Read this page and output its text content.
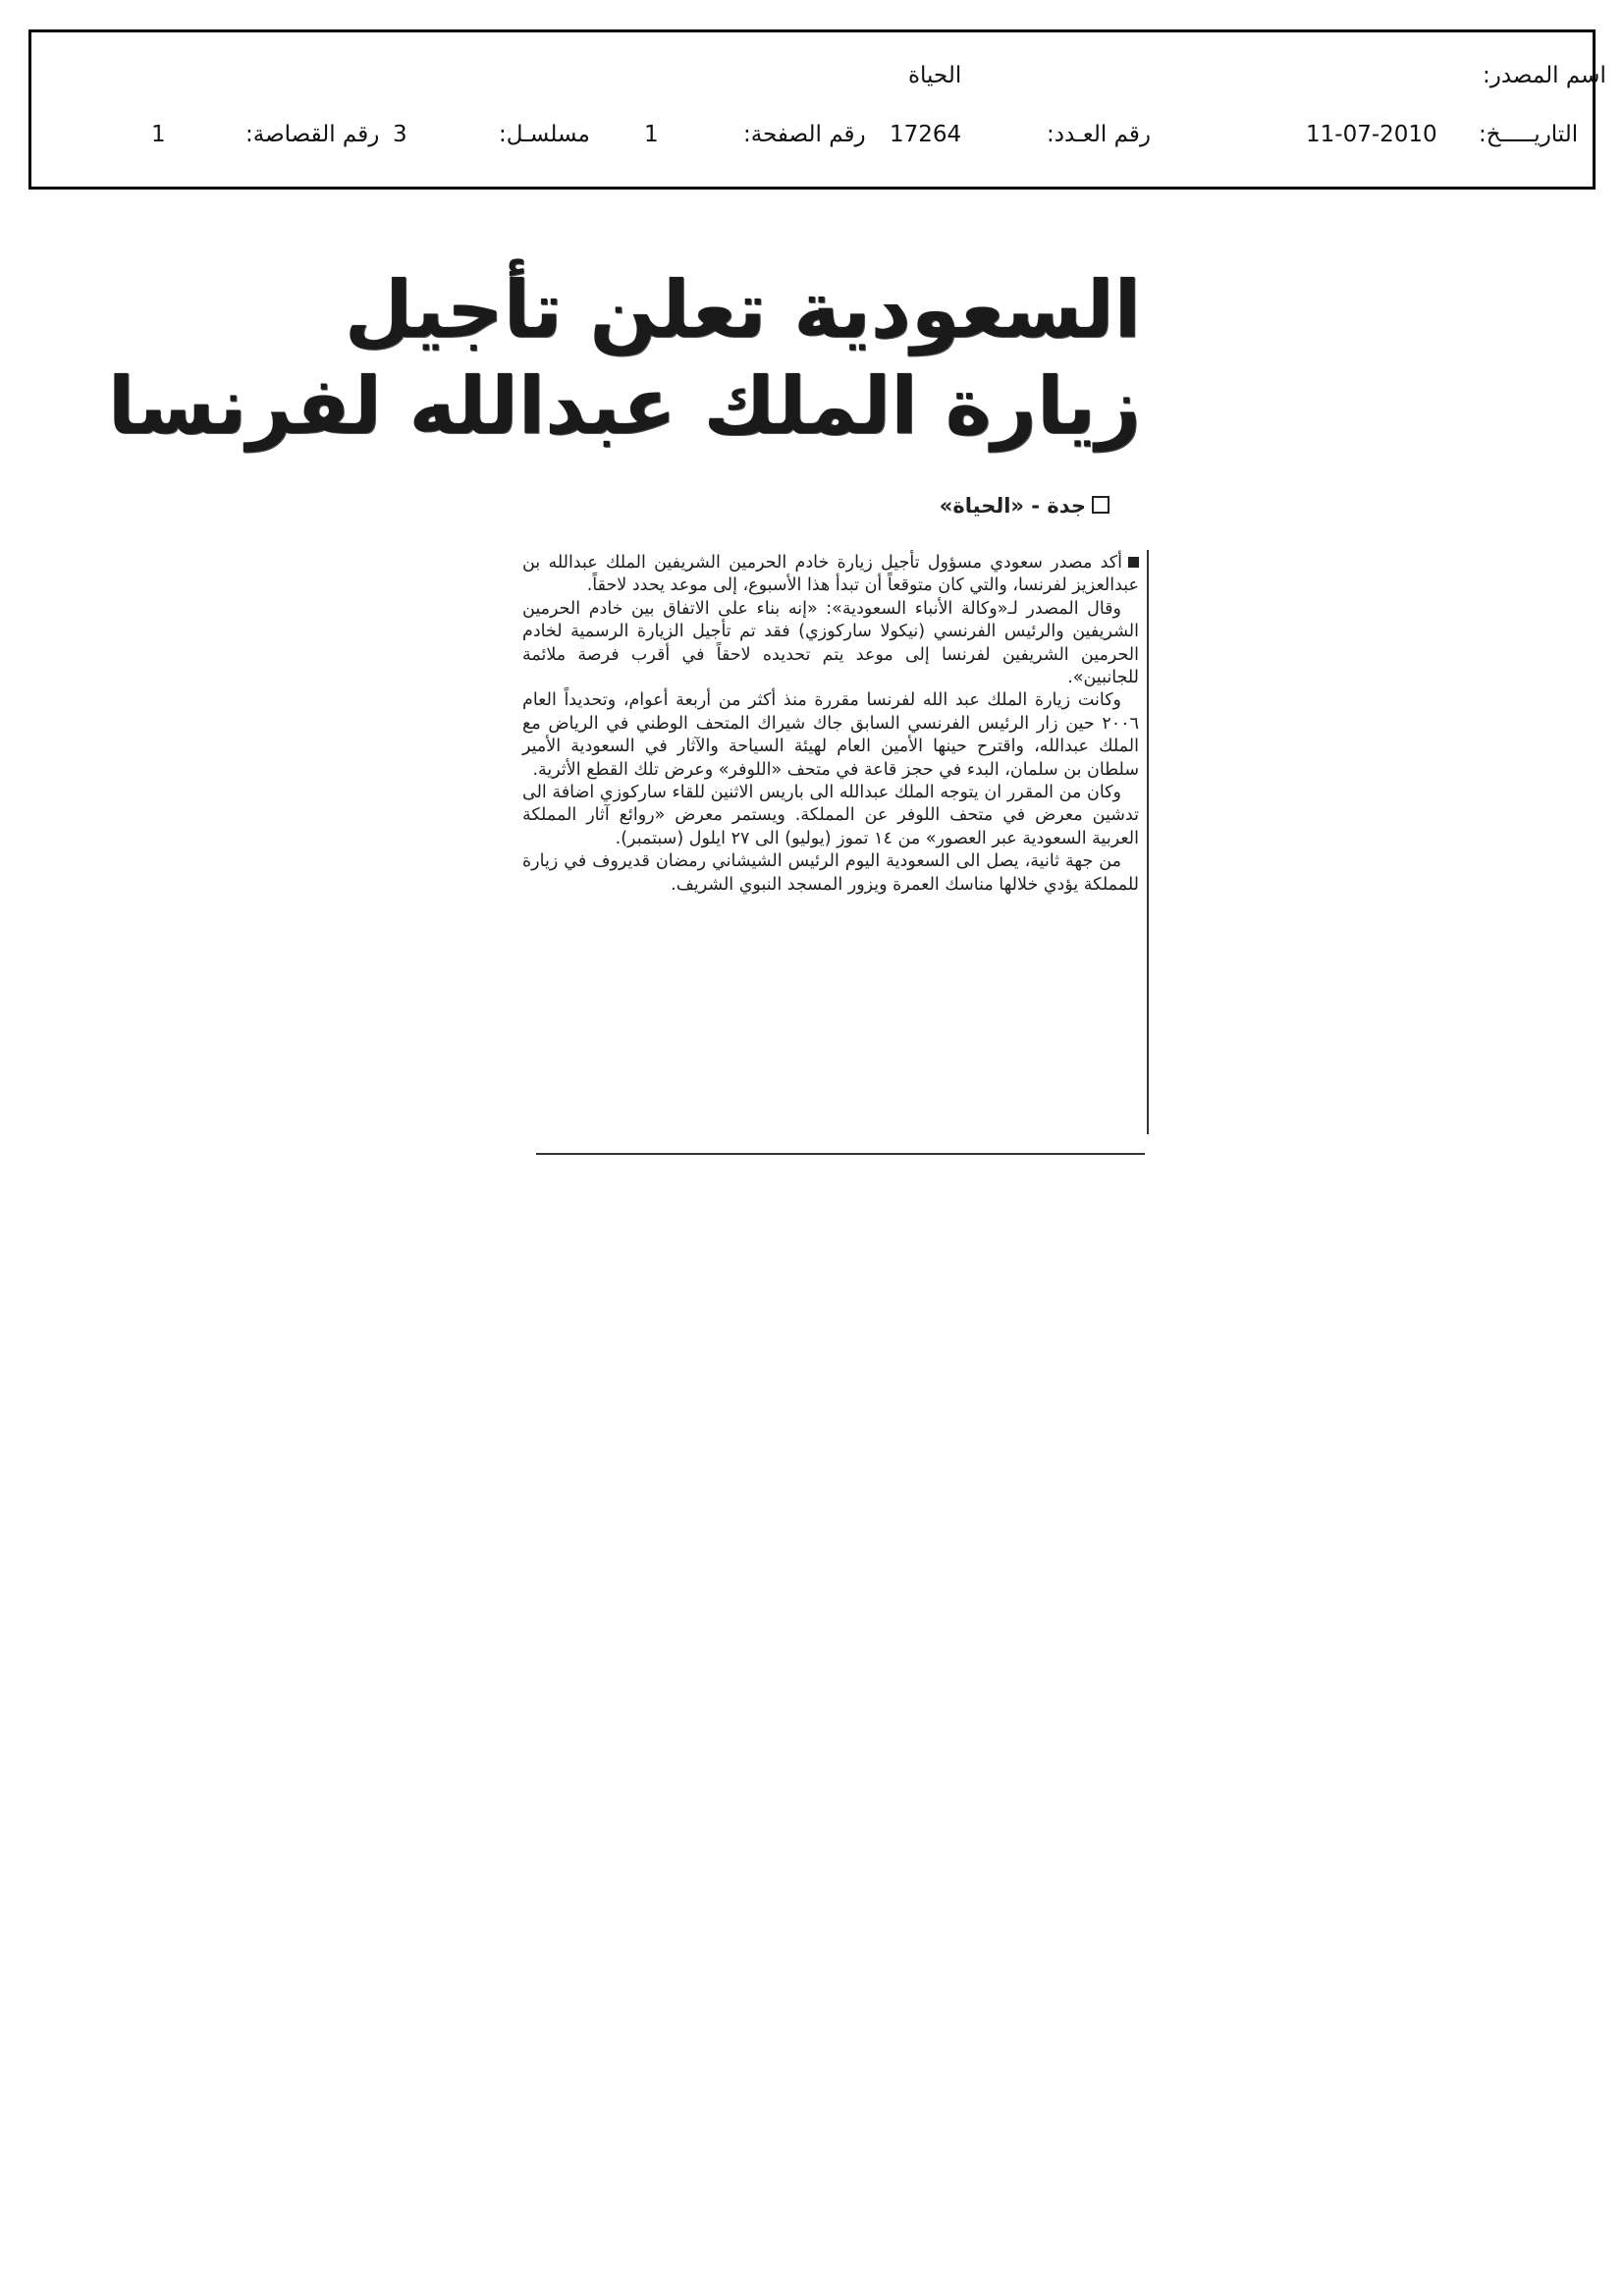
اسم المصدر:
الحياة
التاريـــــخ:
11-07-2010
رقم العـدد:
17264
رقم الصفحة:
1
مسلسـل:
3
رقم القصاصة:
1
السعودية تعلن تأجيل
زيارة الملك عبدالله لفرنسا
جدة - «الحياة»

أكد مصدر سعودي مسؤول تأجيل زيارة خادم الحرمين الشريفين الملك عبدالله بن عبدالعزيز لفرنسا، والتي كان متوقعاً أن تبدأ هذا الأسبوع، إلى موعد يحدد لاحقاً.

وقال المصدر لـ«وكالة الأنباء السعودية»: «إنه بناء على الاتفاق بين خادم الحرمين الشريفين والرئيس الفرنسي (نيكولا ساركوزي) فقد تم تأجيل الزيارة الرسمية لخادم الحرمين الشريفين لفرنسا إلى موعد يتم تحديده لاحقاً في أقرب فرصة ملائمة للجانبين».

وكانت زيارة الملك عبد الله لفرنسا مقررة منذ أكثر من أربعة أعوام، وتحديداً العام ٢٠٠٦ حين زار الرئيس الفرنسي السابق جاك شيراك المتحف الوطني في الرياض مع الملك عبدالله، واقترح حينها الأمين العام لهيئة السياحة والآثار في السعودية الأمير سلطان بن سلمان، البدء في حجز قاعة في متحف «اللوفر» وعرض تلك القطع الأثرية.

وكان من المقرر ان يتوجه الملك عبدالله الى باريس الاثنين للقاء ساركوزي اضافة الى تدشين معرض في متحف اللوفر عن المملكة. ويستمر معرض «روائع آثار المملكة العربية السعودية عبر العصور» من ١٤ تموز (يوليو) الى ٢٧ ايلول (سبتمبر).

من جهة ثانية، يصل الى السعودية اليوم الرئيس الشيشاني رمضان قديروف في زيارة للمملكة يؤدي خلالها مناسك العمرة ويزور المسجد النبوي الشريف.
